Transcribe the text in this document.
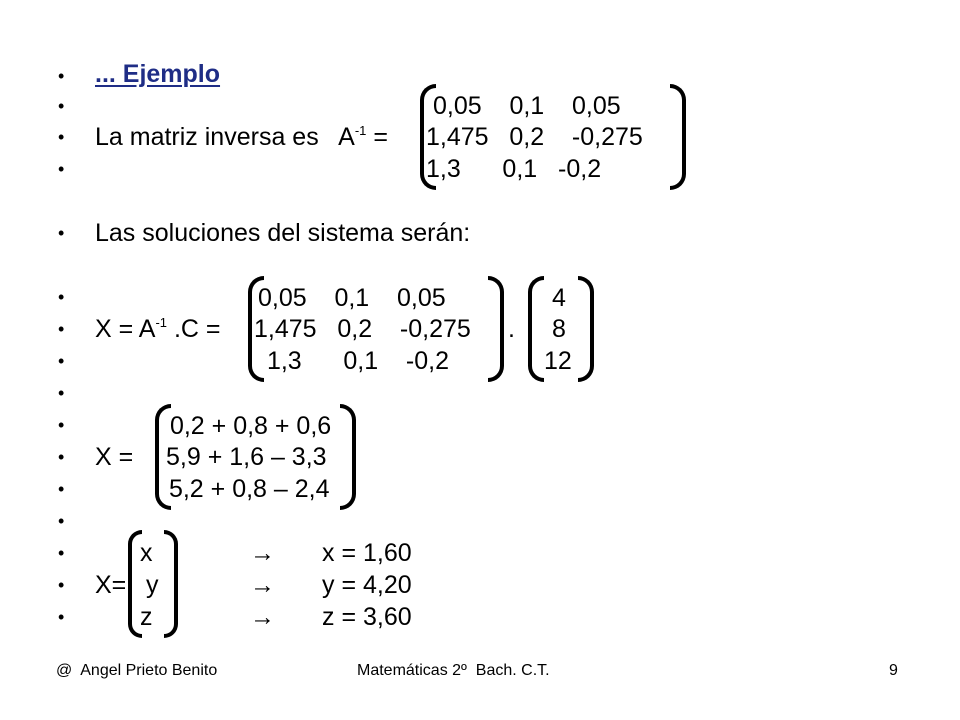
•
•
•
•
•
•
•
•
•
•
•
•
•
•
•
•
... Ejemplo
La matriz inversa es   $A^{-1}$ =
0,05    0,1    0,05
1,475   0,2    -0,275
1,3      0,1   -0,2
Las soluciones del sistema serán:
$X = A^{-1}$ .C =
0,05    0,1    0,05
1,475   0,2    -0,275
1,3      0,1    -0,2
.
4
8
12
X =
0,2 + 0,8 + 0,6
5,9 + 1,6 – 3,3
5,2 + 0,8 – 2,4
X=
x
y
z
→
→
→
x = 1,60
y = 4,20
z = 3,60
@  Angel Prieto Benito	Matemáticas 2º  Bach. C.T.	9
